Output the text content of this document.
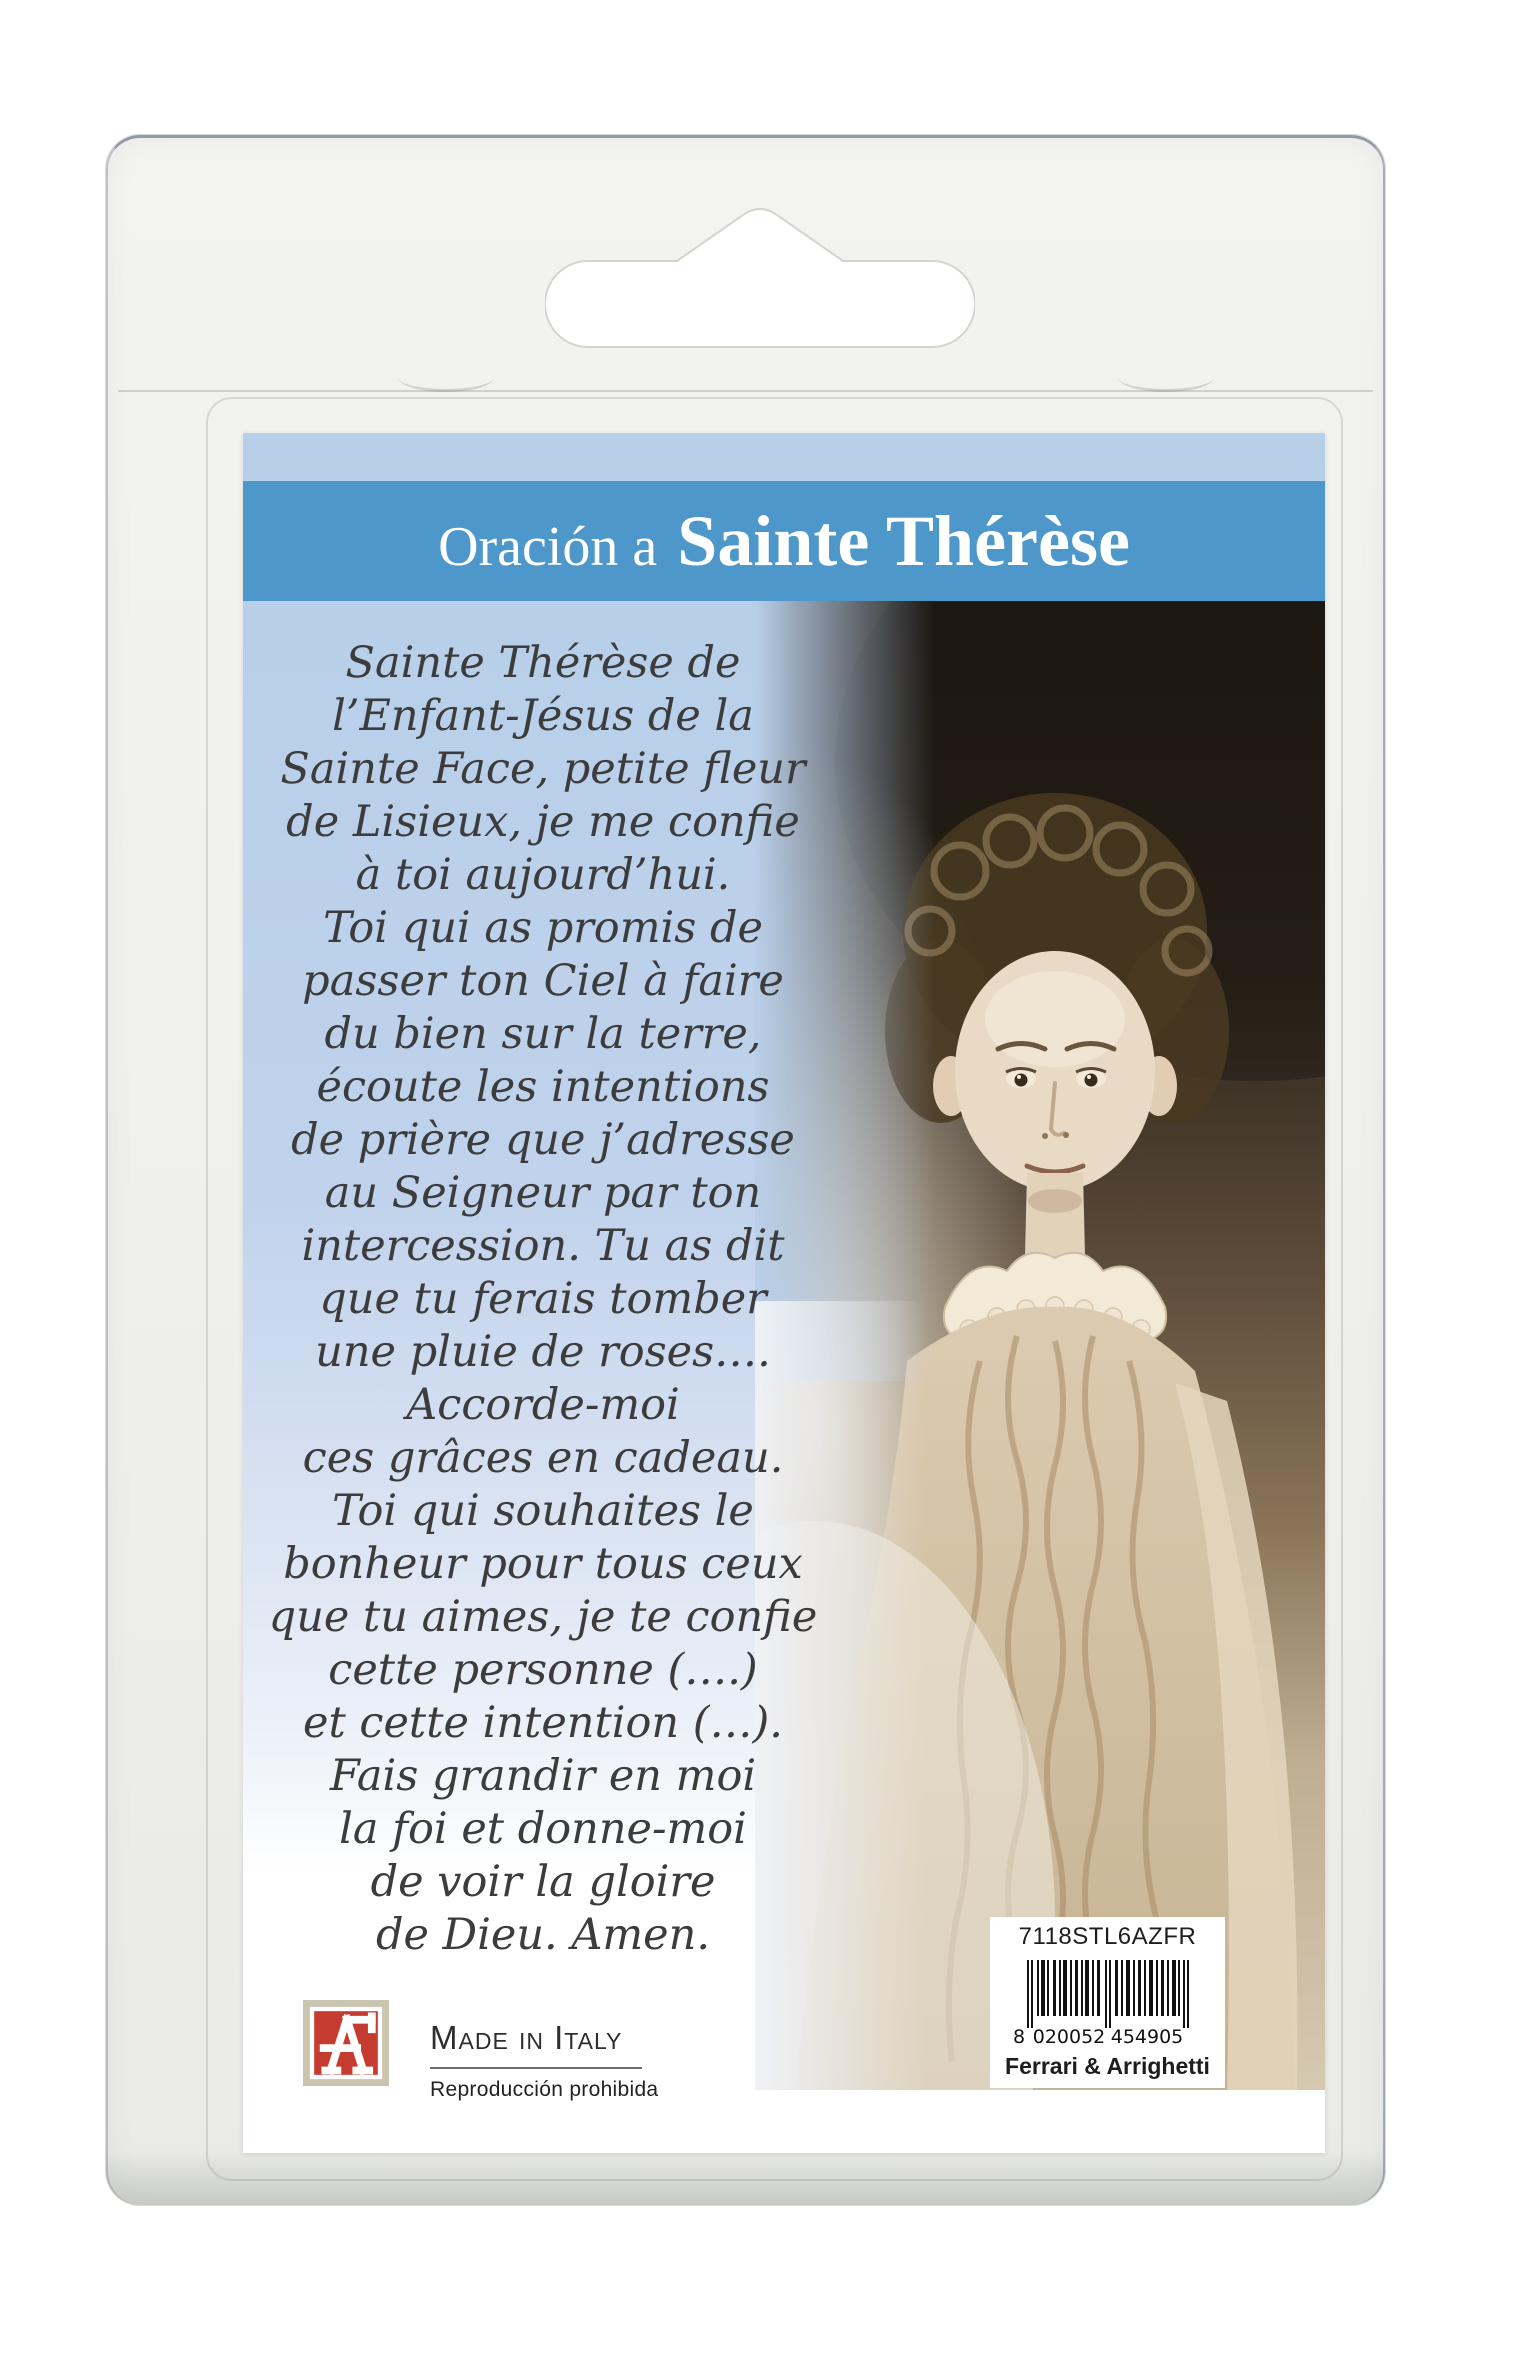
Oración a Sainte Thérèse
Sainte Thérèse de
l’Enfant-Jésus de la
Sainte Face, petite fleur
de Lisieux, je me confie
à toi aujourd’hui.
Toi qui as promis de
passer ton Ciel à faire
du bien sur la terre,
écoute les intentions
de prière que j’adresse
au Seigneur par ton
intercession. Tu as dit
que tu ferais tomber
une pluie de roses….
Accorde-moi
ces grâces en cadeau.
Toi qui souhaites le
bonheur pour tous ceux
que tu aimes, je te confie
cette personne (….)
et cette intention (…).
Fais grandir en moi
la foi et donne-moi
de voir la gloire
de Dieu. Amen.	7118STL6AZFR
8 020052 454905
Ferrari & Arrighetti
Made in Italy
Reproducción prohibida
